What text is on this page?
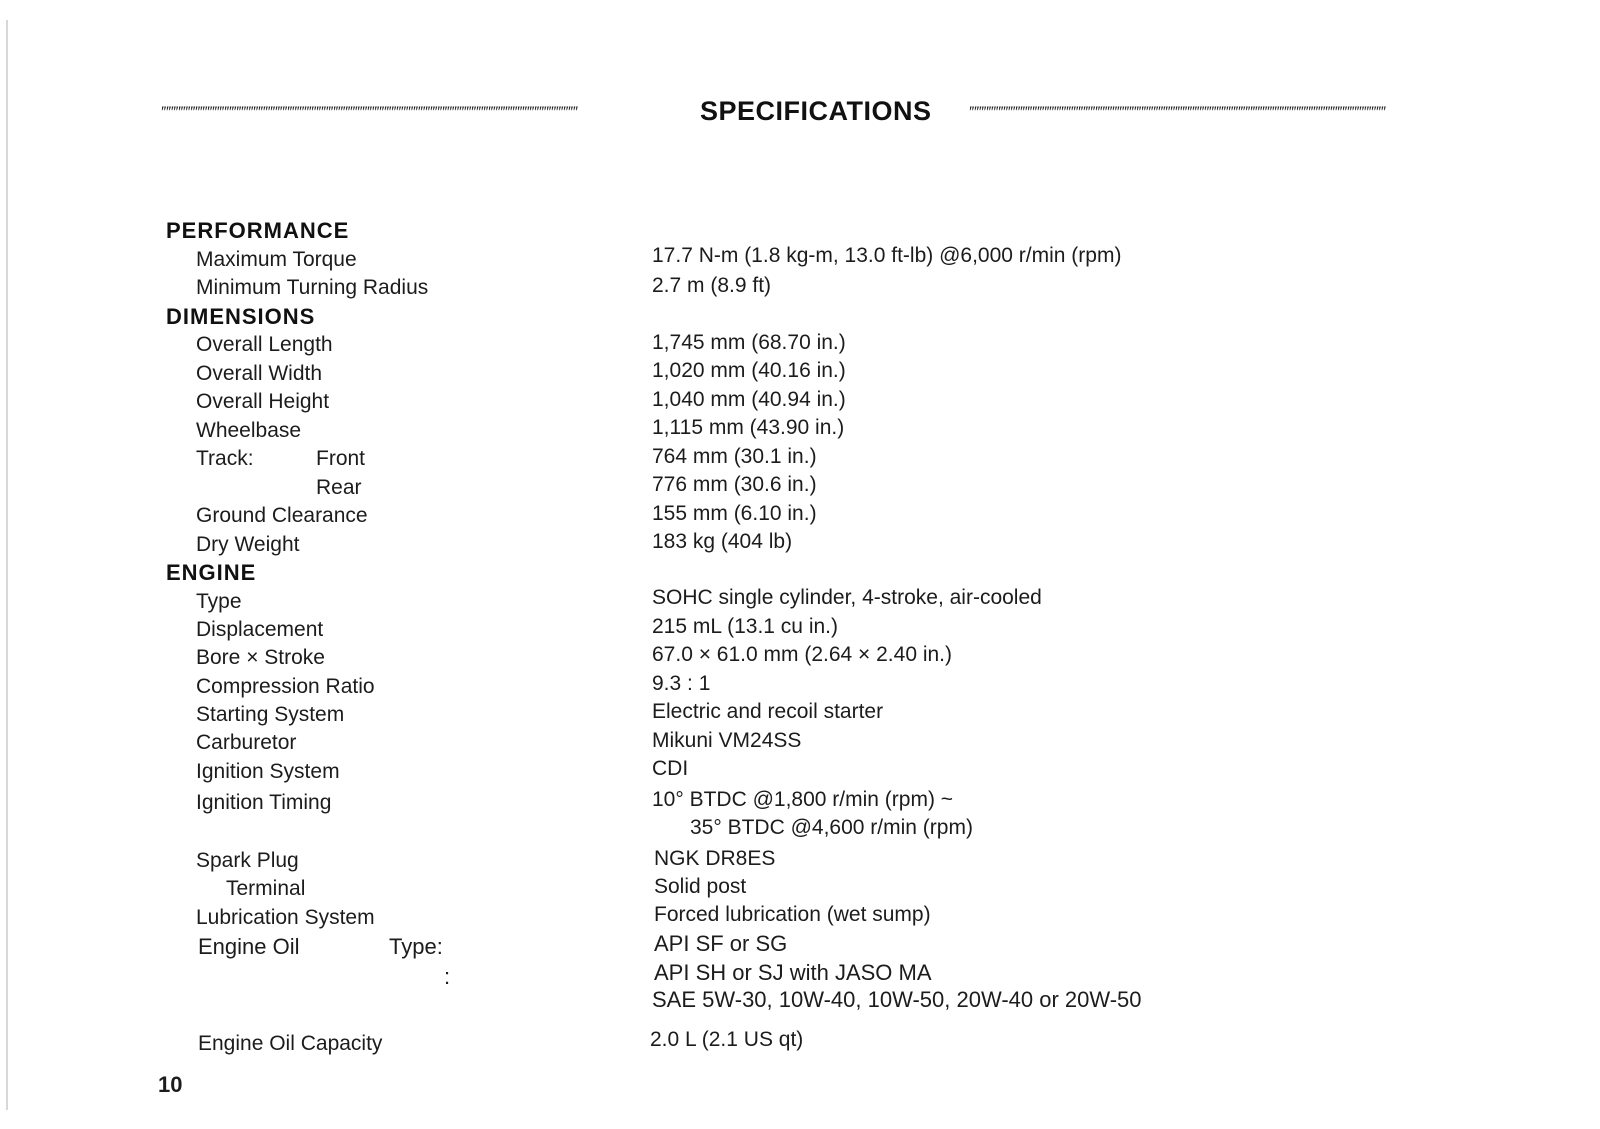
''''''''''''''''''''''''''''''''''''''''''''''''''''''''''''''''''''''''''''''''''''''''''''''''''''''''''''''''''''''''''''''''''''''''''''''''''''''''''''''''''''''''''''	SPECIFICATIONS ''''''''''''''''''''''''''''''''''''''''''''''''''''''''''''''''''''''''''''''''''''''''''''''''''''''''''''''''''''''''''''''''''''''''''''''''''''''''''''''''''''''''''''
PERFORMANCE
Maximum Torque	17.7 N-m (1.8 kg-m, 13.0 ft-lb) @6,000 r/min (rpm)
Minimum Turning Radius	2.7 m (8.9 ft)
DIMENSIONS
Overall Length	1,745 mm (68.70 in.)
Overall Width	1,020 mm (40.16 in.)
Overall Height	1,040 mm (40.94 in.)
Wheelbase	1,115 mm (43.90 in.)
Track:	Front	764 mm (30.1 in.)
Rear	776 mm (30.6 in.)
Ground Clearance	155 mm (6.10 in.)
Dry Weight	183 kg (404 lb)
ENGINE
Type	SOHC single cylinder, 4-stroke, air-cooled
Displacement	215 mL (13.1 cu in.)
Bore × Stroke	67.0 × 61.0 mm (2.64 × 2.40 in.)
Compression Ratio	9.3 : 1
Starting System	Electric and recoil starter
Carburetor	Mikuni VM24SS
Ignition System	CDI
Ignition Timing	10° BTDC @1,800 r/min (rpm) ~
35° BTDC @4,600 r/min (rpm)
Spark Plug	NGK DR8ES
Terminal	Solid post
Lubrication System	Forced lubrication (wet sump)
Engine Oil	Type:	API SF or SG
:	API SH or SJ with JASO MA
SAE 5W-30, 10W-40, 10W-50, 20W-40 or 20W-50
Engine Oil Capacity	2.0 L (2.1 US qt)
10
